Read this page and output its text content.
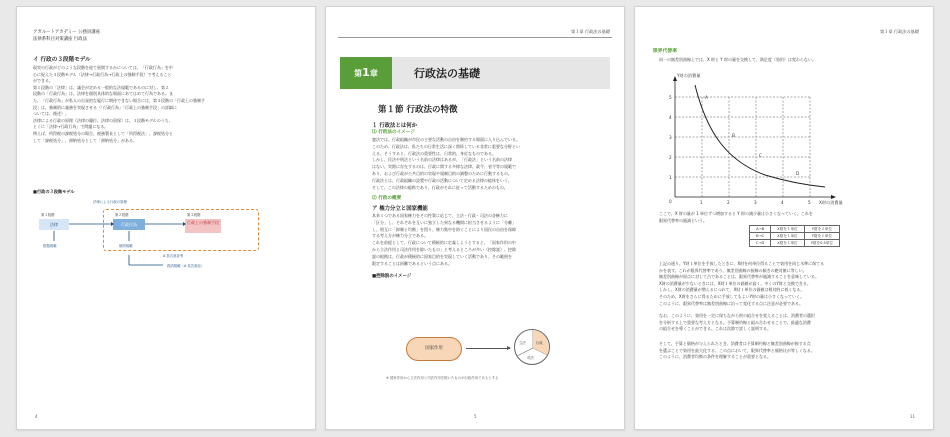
アガルートアカデミー 公務員講座
法律系科目対策講座 行政法
イ 行政の３段階モデル
現実の行政がどのような段階を経て展開するかについては、「行政行為」を中
心に捉えた３段階モデル（法律→行政行為→行政上の強制手段）で考えること
ができる。
第１段階の「法律」は、議会が定める一般的な法規範であるのに対し、第２
段階の「行政行為」は、法律を個別具体的な場面にあてはめて行為である。ま
た、「行政行為」が私人の自発的な履行に期待できない場合には、第３段階の「行政上の強制手
段」は、強制的に義務を実現させる（「行政行為」「行政上の強制手段」の詳細に
ついては、後述）。
法律による行政の原理（法律の優位、法律の留保）は、３段階モデルのうち、
とくに「法律→行政行為」で問題になる。
例えば、所得税の課税処分の場合、税務署長として「所得税法」、課税処分と
して「課税処分」、滞納処分として「滞納処分」がある。
■行政の３段階モデル
法律による行政の原理
第１段階
法律
第２段階
行政行為
第３段階
行政上の強制手段
根拠規範	個別規範
A 抗告訴訟等
救済規範（A 抗告訴訟）
4
第１章 行政法の基礎
第1章	行政法の基礎
第１節 行政法の特徴
１ 行政法とは何か
⑴ 行政法のイメージ
憲法では、行政組織が市民の主要な活動の自由を制約する場面に入り込んでいる。
このため、行政法は、私たちの日常生活に深く関係している非常に重要な分野とい
える。そうすると、行政法の重要性は、日常的、身近なものである。
しかし、民法や刑法という名前の法律はあるが、「行政法」という名前の法律
はない。実際に存在するのは、行政に関する多様な法律、政令、省令等の規範で
あり、および行政が公共目的の実現や規制目的の調整のために行動するもの。
行政法とは、行政組織の設置や行政の活動について定める法律の総体をいう。
そして、この法律の総称であり、行政がそれに従って活動するためのもの。
⑵ 行政の概要
ア 権力分立と国家機能
本来１つである国家権力をその性質に応じて、立法・行政・司法の各権力に
「区分」し、それぞれを互いに独立した異なる機関に担当させるように「分離」
し、相互に「抑制と均衡」を図り、権力集中を防ぐことにより国民の自由を保障
する考え方が権力分立である。
これを前提として、行政について積極的に定義しようとすると、「国家作用の中
から立法作用と司法作用を除いたもの」と考えるところが多い（控除説）。控除
説の根拠は、行政が積極的に国家目的を実現していく活動であり、その範囲を
限定することは困難であるという点にある。
■控除説のイメージ
国家作用
立法	行政
司法
※ 国家作用から立法作用と司法作用を除いたものが行政作用であるとする
5
第１章 行政法の基礎
限界代替率
同一の無差別曲線上では、X 財と Y 財の量を交換して、満足度（効用）は変わらない。
5
4
3
2
1
0	1	2	3	4	5
Y財の消費量
X財の消費量
A
B
C
D
ここで、X 財の量が 1 単位ずつ増加すると Y 財の減少量は小さくなっていく。これを
限界代替率の逓減という。
A→B	X財を１単位	Y財を２単位
B→C	X財を１単位	Y財を１単位
C→D	X財を１単位	Y財を0.5単位
上記の通り、Y財１単位を手放したときに、X財を何単位得ることで効用を同じ水準に保てる
かを表す。これが限界代替率であり、無差別曲線の接線の傾きの絶対値に等しい。
無差別曲線が原点に対して凸であることは、限界代替率が逓減することを意味している。
X財の消費量が少ないときには、X財１単位の価値が高く、多くのY財と交換できる。
しかし、X財の消費量が増えるにつれて、X財１単位の価値は相対的に低くなる。
そのため、X財をさらに得るために手放してもよいY財の量は小さくなっていく。
このように、限界代替率は無差別曲線に沿って変化する点に注意が必要である。
なお、このように、効用を一定に保ちながら財の組合せを変えることは、消費者の選択
を分析する上で重要な考え方となる。予算制約線と組み合わせることで、最適な消費
の組合せを導くことができる。これは次節で詳しく説明する。
そして、予算と価格が与えられたとき、消費者は予算制約線と無差別曲線が接する点
を選ぶことで効用を最大化する。この点において、限界代替率と価格比が等しくなる。
このように、消費者均衡の条件を理解することが重要となる。
11
